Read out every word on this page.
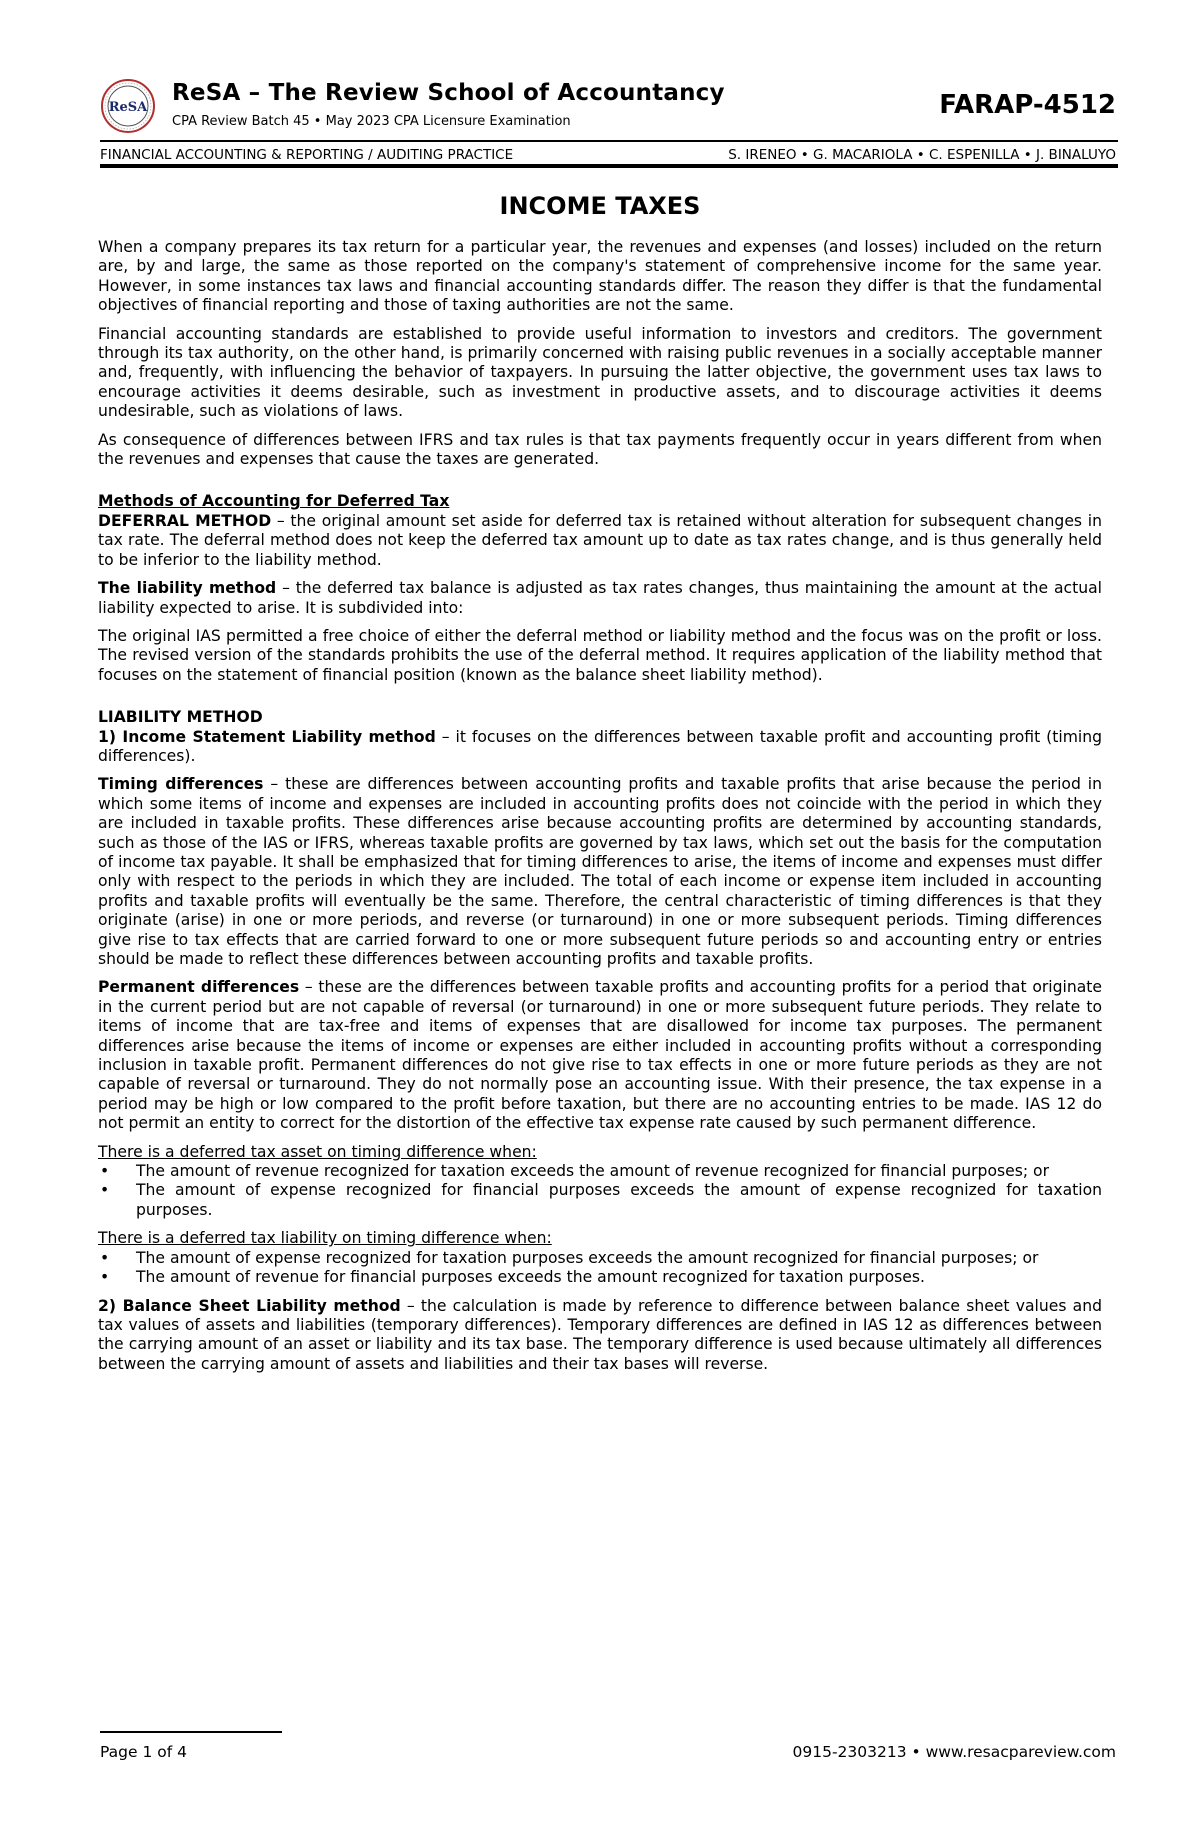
ReSA
ReSA – The Review School of Accountancy
CPA Review Batch 45 • May 2023 CPA Licensure Examination
FARAP-4512
FINANCIAL ACCOUNTING & REPORTING / AUDITING PRACTICE	S. IRENEO • G. MACARIOLA • C. ESPENILLA • J. BINALUYO
INCOME TAXES

When a company prepares its tax return for a particular year, the revenues and expenses (and losses) included on the return are, by and large, the same as those reported on the company's statement of comprehensive income for the same year. However, in some instances tax laws and financial accounting standards differ. The reason they differ is that the fundamental objectives of financial reporting and those of taxing authorities are not the same.

Financial accounting standards are established to provide useful information to investors and creditors. The government through its tax authority, on the other hand, is primarily concerned with raising public revenues in a socially acceptable manner and, frequently, with influencing the behavior of taxpayers. In pursuing the latter objective, the government uses tax laws to encourage activities it deems desirable, such as investment in productive assets, and to discourage activities it deems undesirable, such as violations of laws.

As consequence of differences between IFRS and tax rules is that tax payments frequently occur in years different from when the revenues and expenses that cause the taxes are generated.

Methods of Accounting for Deferred Tax

DEFERRAL METHOD – the original amount set aside for deferred tax is retained without alteration for subsequent changes in tax rate. The deferral method does not keep the deferred tax amount up to date as tax rates change, and is thus generally held to be inferior to the liability method.

The liability method – the deferred tax balance is adjusted as tax rates changes, thus maintaining the amount at the actual liability expected to arise. It is subdivided into:

The original IAS permitted a free choice of either the deferral method or liability method and the focus was on the profit or loss. The revised version of the standards prohibits the use of the deferral method. It requires application of the liability method that focuses on the statement of financial position (known as the balance sheet liability method).

LIABILITY METHOD

1) Income Statement Liability method – it focuses on the differences between taxable profit and accounting profit (timing differences).

Timing differences – these are differences between accounting profits and taxable profits that arise because the period in which some items of income and expenses are included in accounting profits does not coincide with the period in which they are included in taxable profits. These differences arise because accounting profits are determined by accounting standards, such as those of the IAS or IFRS, whereas taxable profits are governed by tax laws, which set out the basis for the computation of income tax payable. It shall be emphasized that for timing differences to arise, the items of income and expenses must differ only with respect to the periods in which they are included. The total of each income or expense item included in accounting profits and taxable profits will eventually be the same. Therefore, the central characteristic of timing differences is that they originate (arise) in one or more periods, and reverse (or turnaround) in one or more subsequent periods. Timing differences give rise to tax effects that are carried forward to one or more subsequent future periods so and accounting entry or entries should be made to reflect these differences between accounting profits and taxable profits.

Permanent differences – these are the differences between taxable profits and accounting profits for a period that originate in the current period but are not capable of reversal (or turnaround) in one or more subsequent future periods. They relate to items of income that are tax-free and items of expenses that are disallowed for income tax purposes. The permanent differences arise because the items of income or expenses are either included in accounting profits without a corresponding inclusion in taxable profit. Permanent differences do not give rise to tax effects in one or more future periods as they are not capable of reversal or turnaround. They do not normally pose an accounting issue. With their presence, the tax expense in a period may be high or low compared to the profit before taxation, but there are no accounting entries to be made. IAS 12 do not permit an entity to correct for the distortion of the effective tax expense rate caused by such permanent difference.

There is a deferred tax asset on timing difference when:
• The amount of revenue recognized for taxation exceeds the amount of revenue recognized for financial purposes; or
• The amount of expense recognized for financial purposes exceeds the amount of expense recognized for taxation purposes.
There is a deferred tax liability on timing difference when:
• The amount of expense recognized for taxation purposes exceeds the amount recognized for financial purposes; or
• The amount of revenue for financial purposes exceeds the amount recognized for taxation purposes.

2) Balance Sheet Liability method – the calculation is made by reference to difference between balance sheet values and tax values of assets and liabilities (temporary differences). Temporary differences are defined in IAS 12 as differences between the carrying amount of an asset or liability and its tax base. The temporary difference is used because ultimately all differences between the carrying amount of assets and liabilities and their tax bases will reverse.

Page 1 of 4	0915-2303213 • www.resacpareview.com
